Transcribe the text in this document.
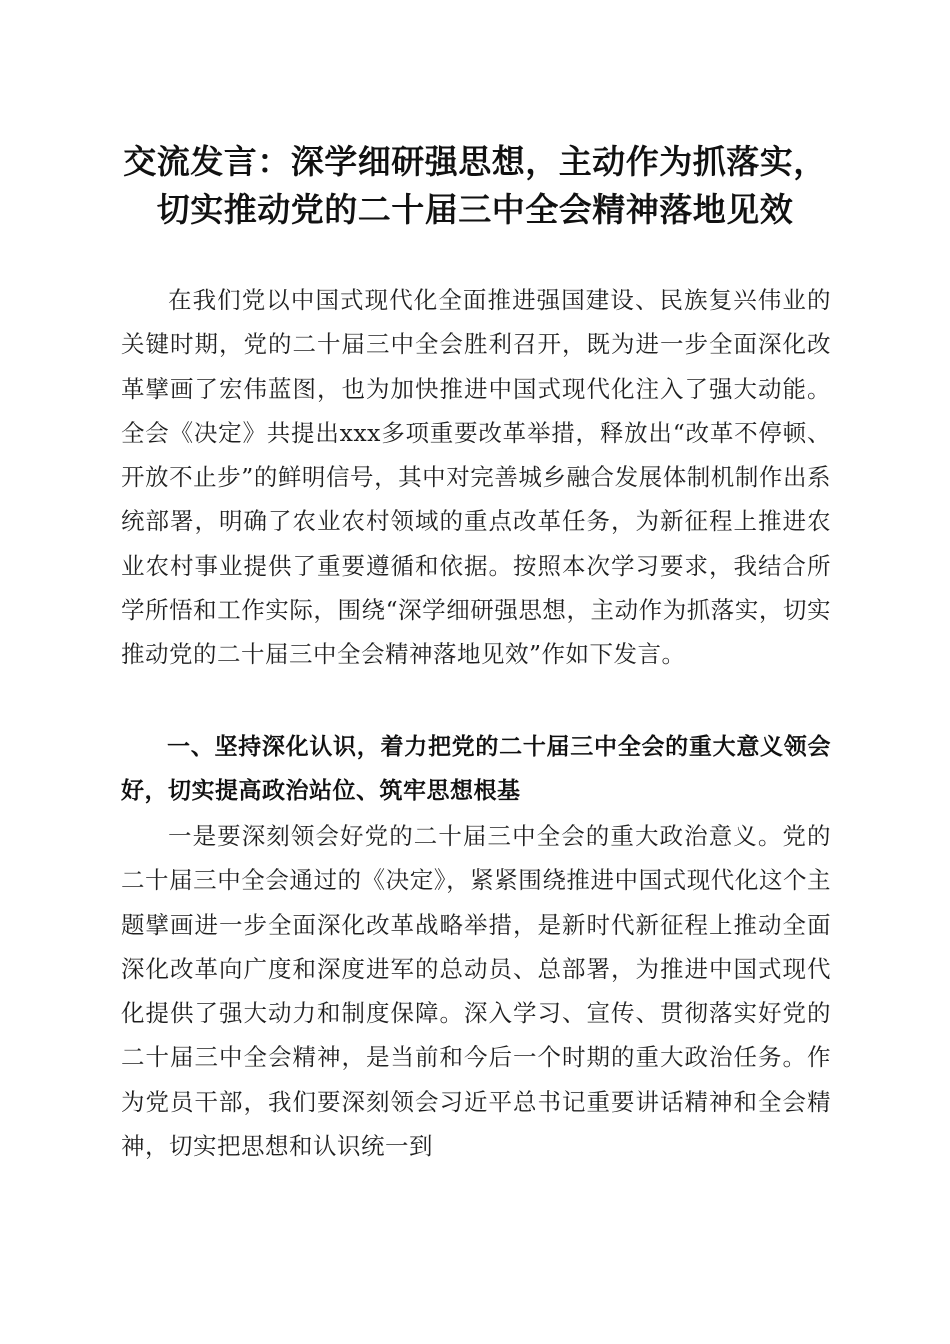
交流发言：深学细研强思想，主动作为抓落实，
切实推动党的二十届三中全会精神落地见效

在我们党以中国式现代化全面推进强国建设、民族复兴伟业的关键时期，党的二十届三中全会胜利召开，既为进一步全面深化改革擘画了宏伟蓝图，也为加快推进中国式现代化注入了强大动能。全会《决定》共提出xxx多项重要改革举措，释放出“改革不停顿、开放不止步”的鲜明信号，其中对完善城乡融合发展体制机制作出系统部署，明确了农业农村领域的重点改革任务，为新征程上推进农业农村事业提供了重要遵循和依据。按照本次学习要求，我结合所学所悟和工作实际，围绕“深学细研强思想，主动作为抓落实，切实推动党的二十届三中全会精神落地见效”作如下发言。

一、坚持深化认识，着力把党的二十届三中全会的重大意义领会好，切实提高政治站位、筑牢思想根基

一是要深刻领会好党的二十届三中全会的重大政治意义。党的二十届三中全会通过的《决定》，紧紧围绕推进中国式现代化这个主题擘画进一步全面深化改革战略举措，是新时代新征程上推动全面深化改革向广度和深度进军的总动员、总部署，为推进中国式现代化提供了强大动力和制度保障。深入学习、宣传、贯彻落实好党的二十届三中全会精神，是当前和今后一个时期的重大政治任务。作为党员干部，我们要深刻领会习近平总书记重要讲话精神和全会精神，切实把思想和认识统一到
